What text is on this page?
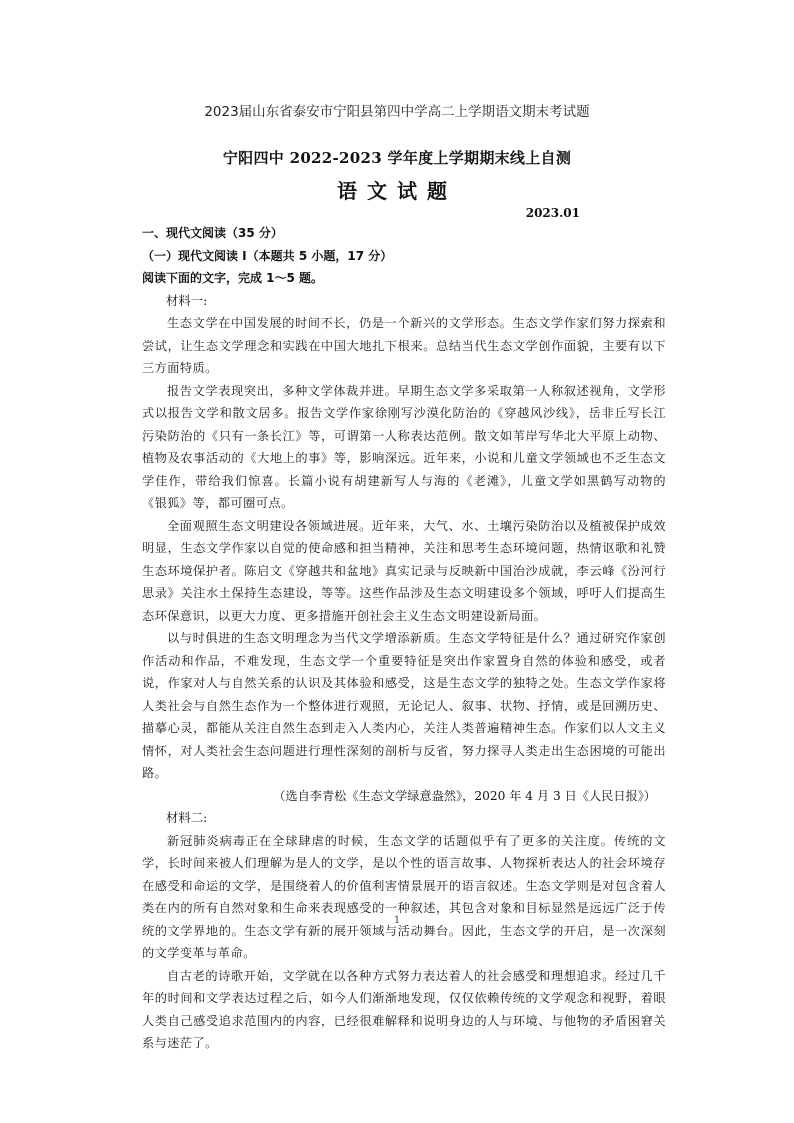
2023届山东省泰安市宁阳县第四中学高二上学期语文期末考试题
宁阳四中 2022-2023 学年度上学期期末线上自测
语文试题
2023.01

一、现代文阅读（35 分）

（一）现代文阅读 Ⅰ（本题共 5 小题，17 分）

阅读下面的文字，完成 1～5 题。

材料一:

生态文学在中国发展的时间不长，仍是一个新兴的文学形态。生态文学作家们努力探索和尝试，让生态文学理念和实践在中国大地扎下根来。总结当代生态文学创作面貌，主要有以下三方面特质。

报告文学表现突出，多种文学体裁并进。早期生态文学多采取第一人称叙述视角，文学形式以报告文学和散文居多。报告文学作家徐刚写沙漠化防治的《穿越风沙线》，岳非丘写长江污染防治的《只有一条长江》等，可谓第一人称表达范例。散文如苇岸写华北大平原上动物、植物及农事活动的《大地上的事》等，影响深远。近年来，小说和儿童文学领域也不乏生态文学佳作，带给我们惊喜。长篇小说有胡建新写人与海的《老滩》，儿童文学如黑鹤写动物的《银狐》等，都可圈可点。

全面观照生态文明建设各领域进展。近年来，大气、水、土壤污染防治以及植被保护成效明显，生态文学作家以自觉的使命感和担当精神，关注和思考生态环境问题，热情讴歌和礼赞生态环境保护者。陈启文《穿越共和盆地》真实记录与反映新中国治沙成就，李云峰《汾河行思录》关注水土保持生态建设，等等。这些作品涉及生态文明建设多个领域，呼吁人们提高生态环保意识，以更大力度、更多措施开创社会主义生态文明建设新局面。

以与时俱进的生态文明理念为当代文学增添新质。生态文学特征是什么？通过研究作家创作活动和作品，不难发现，生态文学一个重要特征是突出作家置身自然的体验和感受，或者说，作家对人与自然关系的认识及其体验和感受，这是生态文学的独特之处。生态文学作家将人类社会与自然生态作为一个整体进行观照，无论记人、叙事、状物、抒情，或是回溯历史、描摹心灵，都能从关注自然生态到走入人类内心，关注人类普遍精神生态。作家们以人文主义情怀，对人类社会生态问题进行理性深刻的剖析与反省，努力探寻人类走出生态困境的可能出路。

（选自李青松《生态文学绿意盎然》，2020 年 4 月 3 日《人民日报》）

材料二:

新冠肺炎病毒正在全球肆虐的时候，生态文学的话题似乎有了更多的关注度。传统的文学，长时间来被人们理解为是人的文学，是以个性的语言故事、人物探析表达人的社会环境存在感受和命运的文学，是围绕着人的价值利害情景展开的语言叙述。生态文学则是对包含着人类在内的所有自然对象和生命来表现感受的一种叙述，其包含对象和目标显然是远远广泛于传统的文学界地的。生态文学有新的展开领域与活动舞台。因此，生态文学的开启，是一次深刻的文学变革与革命。

自古老的诗歌开始，文学就在以各种方式努力表达着人的社会感受和理想追求。经过几千年的时间和文学表达过程之后，如今人们渐渐地发现，仅仅依赖传统的文学观念和视野，着眼人类自己感受追求范围内的内容，已经很难解释和说明身边的人与环境、与他物的矛盾困窘关系与迷茫了。

1
